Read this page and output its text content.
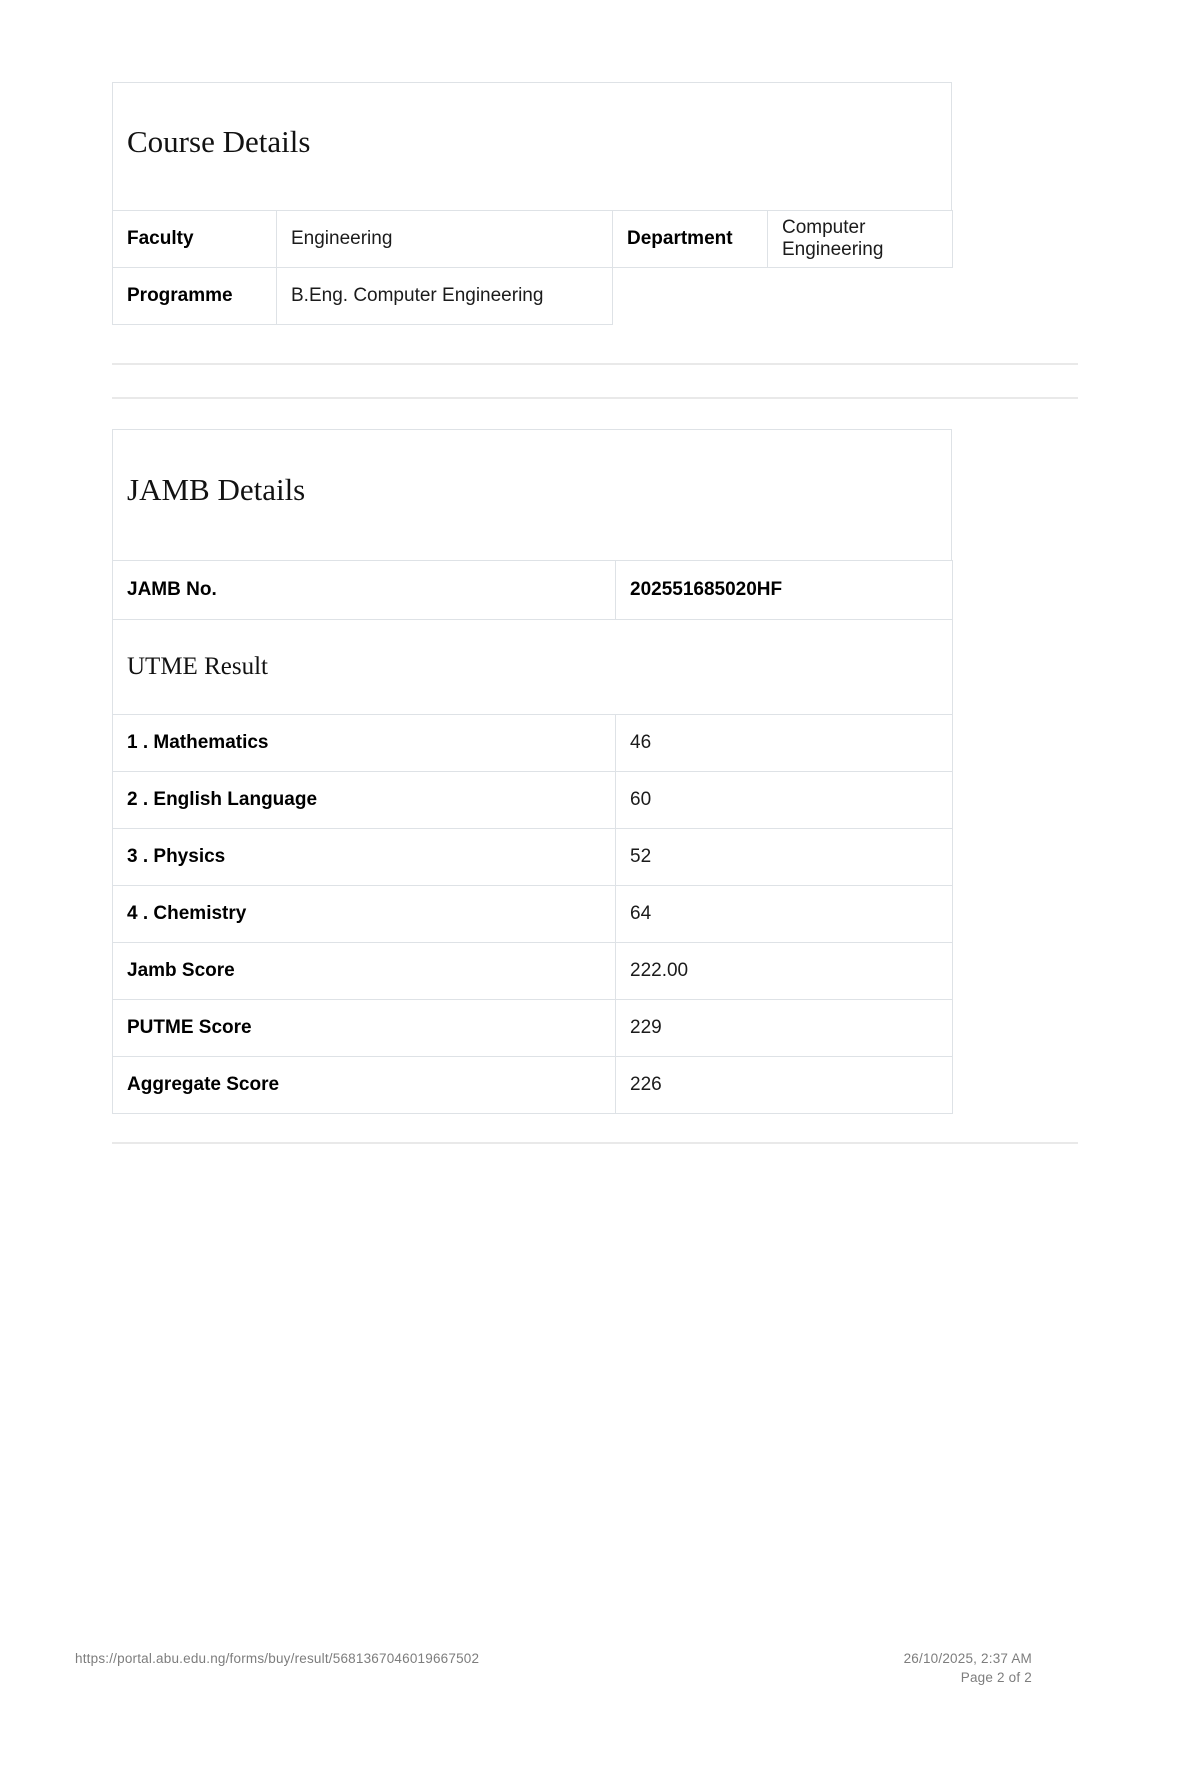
Course Details
Faculty	Engineering	Department	Computer Engineering
Programme	B.Eng. Computer Engineering		
JAMB Details
JAMB No.	202551685020HF
UTME Result	
1 . Mathematics	46
2 . English Language	60
3 . Physics	52
4 . Chemistry	64
Jamb Score	222.00
PUTME Score	229
Aggregate Score	226
https://portal.abu.edu.ng/forms/buy/result/5681367046019667502	26/10/2025, 2:37 AM
Page 2 of 2
